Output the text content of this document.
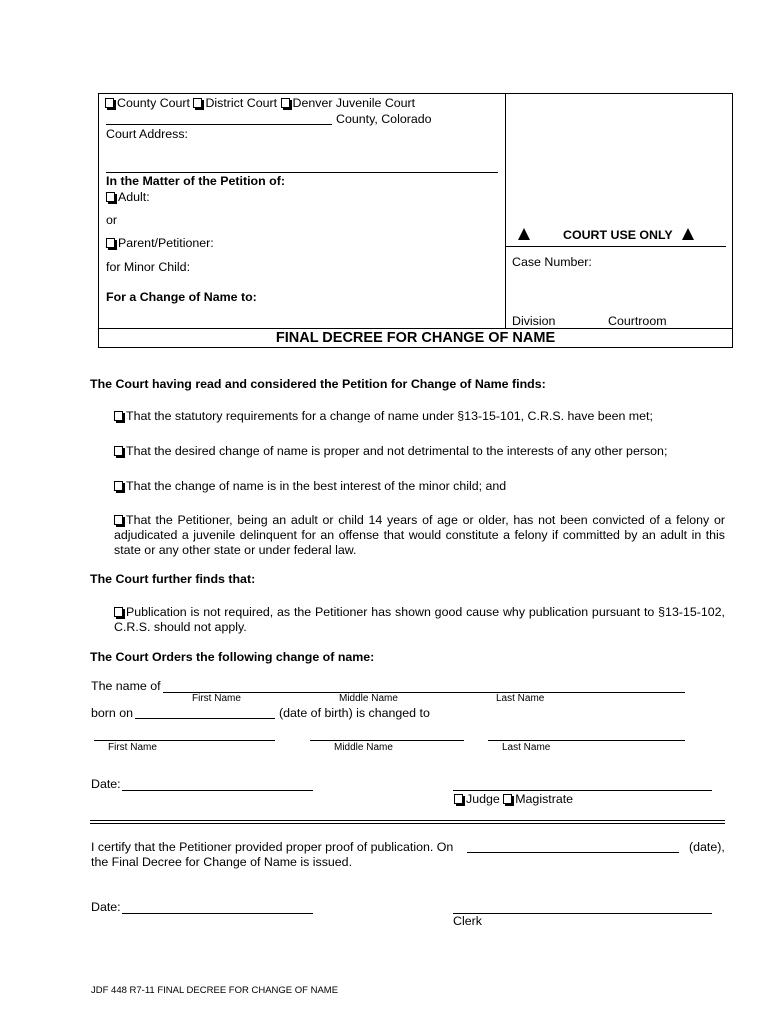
County Court District Court Denver Juvenile Court
County, Colorado
Court Address:
In the Matter of the Petition of:
Adult:
or
Parent/Petitioner:
for Minor Child:
For a Change of Name to:
COURT USE ONLY
Case Number:
Division	Courtroom
FINAL DECREE FOR CHANGE OF NAME
The Court having read and considered the Petition for Change of Name finds:
That the statutory requirements for a change of name under §13-15-101, C.R.S. have been met;
That the desired change of name is proper and not detrimental to the interests of any other person;
That the change of name is in the best interest of the minor child; and
That the Petitioner, being an adult or child 14 years of age or older, has not been convicted of a felony or adjudicated a juvenile delinquent for an offense that would constitute a felony if committed by an adult in this state or any other state or under federal law.
The Court further finds that:
Publication is not required, as the Petitioner has shown good cause why publication pursuant to §13-15-102, C.R.S. should not apply.
The Court Orders the following change of name:
The name of
First Name	Middle Name	Last Name
born on	(date of birth) is changed to
First Name	Middle Name	Last Name
Date:
Judge Magistrate
I certify that the Petitioner provided proper proof of publication. On	(date),
the Final Decree for Change of Name is issued.
Date:
Clerk
JDF 448 R7-11 FINAL DECREE FOR CHANGE OF NAME
